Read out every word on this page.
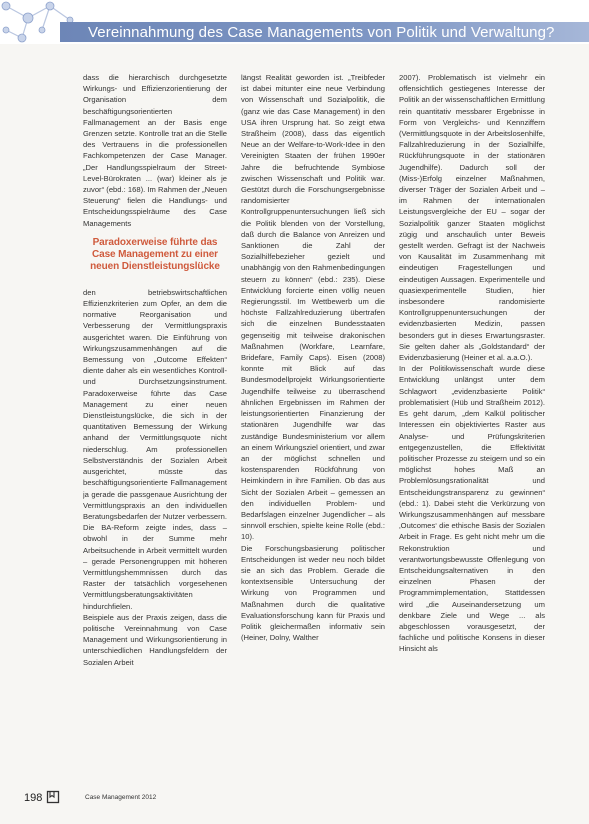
Vereinnahmung des Case Managements von Politik und Verwaltung?

dass die hierarchisch durchgesetzte Wirkungs- und Effizienzorientierung der Organisation dem beschäftigungsorientierten Fallmanagement an der Basis enge Grenzen setzte. Kontrolle trat an die Stelle des Vertrauens in die professionellen Fachkompetenzen der Case Manager. „Der Handlungsspielraum der Street-Level-Bürokraten ... (war) kleiner als je zuvor“ (ebd.: 168). Im Rahmen der „Neuen Steuerung“ fielen die Handlungs- und Entscheidungsspielräume des Case Managements

Paradoxerweise führte das Case Management zu einer neuen Dienstleistungslücke

den betriebswirtschaftlichen Effizienzkriterien zum Opfer, an dem die normative Reorganisation und Verbesserung der Vermittlungspraxis ausgerichtet waren. Die Einführung von Wirkungszusammenhängen auf die Bemessung von „Outcome Effekten“ diente daher als ein wesentliches Kontroll- und Durchsetzungsinstrument. Paradoxerweise führte das Case Management zu einer neuen Dienstleistungslücke, die sich in der quantitativen Bemessung der Wirkung anhand der Vermittlungsquote nicht niederschlug. Am professionellen Selbstverständnis der Sozialen Arbeit ausgerichtet, müsste das beschäftigungsorientierte Fallmanagement ja gerade die passgenaue Ausrichtung der Vermittlungspraxis an den individuellen Beratungsbedarfen der Nutzer verbessern. Die BA-Reform zeigte indes, dass – obwohl in der Summe mehr Arbeitsuchende in Arbeit vermittelt wurden – gerade Personengruppen mit höheren Vermittlungshemmnissen durch das Raster der tatsächlich vorgesehenen Vermittlungsberatungsaktivitäten hindurchfielen.

Beispiele aus der Praxis zeigen, dass die politische Vereinnahmung von Case Management und Wirkungsorientierung in unterschiedlichen Handlungsfeldern der Sozialen Arbeit

längst Realität geworden ist. „Treibfeder ist dabei mitunter eine neue Verbindung von Wissenschaft und Sozialpolitik, die (ganz wie das Case Management) in den USA ihren Ursprung hat. So zeigt etwa Straßheim (2008), dass das eigentlich Neue an der Welfare-to-Work-Idee in den Vereinigten Staaten der frühen 1990er Jahre die befruchtende Symbiose zwischen Wissenschaft und Politik war. Gestützt durch die Forschungsergebnisse randomisierter Kontrollgruppenuntersuchungen ließ sich die Politik blenden von der Vorstellung, daß durch die Balance von Anreizen und Sanktionen die Zahl der Sozialhilfebezieher gezielt und unabhängig von den Rahmenbedingungen steuern zu können“ (ebd.: 235). Diese Entwicklung forcierte einen völlig neuen Regierungsstil. Im Wettbewerb um die höchste Fallzahlreduzierung übertrafen sich die einzelnen Bundesstaaten gegenseitig mit teilweise drakonischen Maßnahmen (Workfare, Learnfare, Bridefare, Family Caps). Eisen (2008) konnte mit Blick auf das Bundesmodellprojekt Wirkungsorientierte Jugendhilfe teilweise zu überraschend ähnlichen Ergebnissen im Rahmen der leistungsorientierten Finanzierung der stationären Jugendhilfe war das zuständige Bundesministerium vor allem an einem Wirkungsziel orientiert, und zwar an der möglichst schnellen und kostensparenden Rückführung von Heimkindern in ihre Familien. Ob das aus Sicht der Sozialen Arbeit – gemessen an den individuellen Problem- und Bedarfslagen einzelner Jugendlicher – als sinnvoll erschien, spielte keine Rolle (ebd.: 10).

Die Forschungsbasierung politischer Entscheidungen ist weder neu noch bildet sie an sich das Problem. Gerade die kontextsensible Untersuchung der Wirkung von Programmen und Maßnahmen durch die qualitative Evaluationsforschung kann für Praxis und Politik gleichermaßen informativ sein (Heiner, Dolny, Walther

2007). Problematisch ist vielmehr ein offensichtlich gestiegenes Interesse der Politik an der wissenschaftlichen Ermittlung rein quantitativ messbarer Ergebnisse in Form von Vergleichs- und Kennziffern (Vermittlungsquote in der Arbeitslosenhilfe, Fallzahlreduzierung in der Sozialhilfe, Rückführungsquote in der stationären Jugendhilfe). Dadurch soll der (Miss-)Erfolg einzelner Maßnahmen, diverser Träger der Sozialen Arbeit und – im Rahmen der internationalen Leistungsvergleiche der EU – sogar der Sozialpolitik ganzer Staaten möglichst zügig und anschaulich unter Beweis gestellt werden. Gefragt ist der Nachweis von Kausalität im Zusammenhang mit eindeutigen Fragestellungen und eindeutigen Aussagen. Experimentelle und quasiexperimentelle Studien, hier insbesondere randomisierte Kontrollgruppenuntersuchungen der evidenzbasierten Medizin, passen besonders gut in dieses Erwartungsraster. Sie gelten daher als „Goldstandard“ der Evidenzbasierung (Heiner et al. a.a.O.).

In der Politikwissenschaft wurde diese Entwicklung unlängst unter dem Schlagwort „evidenzbasierte Politik“ problematisiert (Hüb und Straßheim 2012). Es geht darum, „dem Kalkül politischer Interessen ein objektiviertes Raster aus Analyse- und Prüfungskriterien entgegenzustellen, die Effektivität politischer Prozesse zu steigern und so ein möglichst hohes Maß an Problemlösungsrationalität und Entscheidungstransparenz zu gewinnen“ (ebd.: 1). Dabei steht die Verkürzung von Wirkungszusammenhängen auf messbare ‚Outcomes‘ die ethische Basis der Sozialen Arbeit in Frage. Es geht nicht mehr um die Rekonstruktion und verantwortungsbewusste Offenlegung von Entscheidungsalternativen in den einzelnen Phasen der Programmimplementation, Stattdessen wird „die Auseinandersetzung um denkbare Ziele und Wege ... als abgeschlossen vorausgesetzt, der fachliche und politische Konsens in dieser Hinsicht als

198	Case Management 2012
